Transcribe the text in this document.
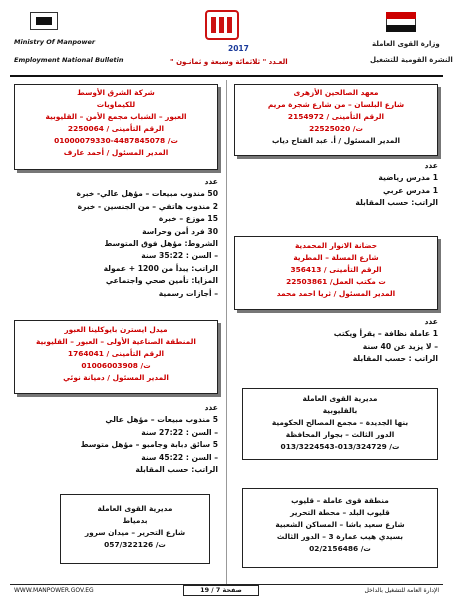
Ministry Of Manpower
Employment National Bulletin
2017
العـدد " ثلاثمائة وسبعة و ثمانـون "
وزارة القوى العاملة
النشرة القومية للتشغيل
معهد الصالحين الأزهرى
شارع البلسان – من شارع شجرة مريم
الرقم التأمينى / 2154972
ت/ 22525020
المدير المسئول / أ. عبد الفتاح دياب
عدد
1 مدرس رياضية
1 مدرس عربي
الراتب: حسب المقابلة
حضانة الانوار المحمدية
شارع المسلة – المطرية
الرقم التأمينى / 356413
ت مكتب العمل/ 22503861
المدير المسئول / ثريا احمد محمد
عدد
1 عاملة نظافة – يقرأ ويكتب
– لا يزيد عن 40 سنة
الراتب : حسب المقابلة
مديرية القوى العاملة
بالقليوبية
بنها الجديدة – مجمع المصالح الحكومية
الدور الثالث – بجوار المحافظة
ت/ 013/324729-013/3224543
منطقة قوى عاملة – قليوب
قليوب البلد – محطة التحرير
شارع سعيد باشا – المساكن الشعبية
بسيدي هيب عمارة 3 – الدور الثالث
ت/ 02/2156486
شركة الشرق الأوسط
للكيماويات
العبور – الشباب مجمع الأمن – القليوبية
الرقم التأمينى / 2250064
ت/ 4487845078-01000079330
المدير المسئول / أحمد عارف
عدد
50 مندوب مبيعات – مؤهل عالي- خبرة
2 مندوب هاتفي – من الجنسين - خبرة
15 موزع – خبرة
30 فرد أمن وحراسة
الشروط: مؤهل فوق المتوسط
– السن : 35:22 سنة
الراتب: يبدأ من 1200 + عمولة
المزايا: تأمين صحي واجتماعي
– أجازات رسمية
ميدل ايسترن بايوكلينا العبور
المنطقة الصناعية الأولى – العبور – القليوبية
الرقم التأمينى / 1764041
ت/ 01006003908
المدير المسئول / دميانة نوئي
عدد
5 مندوب مبيعات – مؤهل عالي
– السن : 27:22 سنة
5 سائق دبابة وجامبو – مؤهل متوسط
– السن : 45:22 سنة
الراتب: حسب المقابلة
مديرية القوى العاملة
بدمياط
شارع التحرير – ميدان سرور
ت/ 057/322126
WWW.MANPOWER.GOV.EG	الإدارة العامة للتشغيل بالداخل
صفحة 7 / 19
